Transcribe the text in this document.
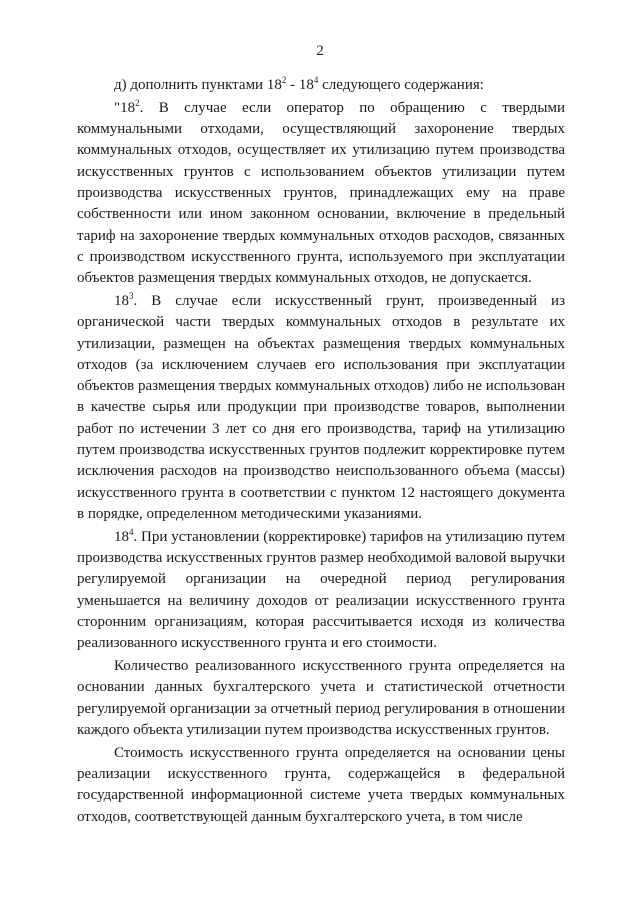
2

д) дополнить пунктами $18^2 - 18^4$ следующего содержания:

"$18^2$. В случае если оператор по обращению с твердыми коммунальными отходами, осуществляющий захоронение твердых коммунальных отходов, осуществляет их утилизацию путем производства искусственных грунтов с использованием объектов утилизации путем производства искусственных грунтов, принадлежащих ему на праве собственности или ином законном основании, включение в предельный тариф на захоронение твердых коммунальных отходов расходов, связанных с производством искусственного грунта, используемого при эксплуатации объектов размещения твердых коммунальных отходов, не допускается.

$18^3$. В случае если искусственный грунт, произведенный из органической части твердых коммунальных отходов в результате их утилизации, размещен на объектах размещения твердых коммунальных отходов (за исключением случаев его использования при эксплуатации объектов размещения твердых коммунальных отходов) либо не использован в качестве сырья или продукции при производстве товаров, выполнении работ по истечении 3 лет со дня его производства, тариф на утилизацию путем производства искусственных грунтов подлежит корректировке путем исключения расходов на производство неиспользованного объема (массы) искусственного грунта в соответствии с пунктом 12 настоящего документа в порядке, определенном методическими указаниями.

$18^4$. При установлении (корректировке) тарифов на утилизацию путем производства искусственных грунтов размер необходимой валовой выручки регулируемой организации на очередной период регулирования уменьшается на величину доходов от реализации искусственного грунта сторонним организациям, которая рассчитывается исходя из количества реализованного искусственного грунта и его стоимости.

Количество реализованного искусственного грунта определяется на основании данных бухгалтерского учета и статистической отчетности регулируемой организации за отчетный период регулирования в отношении каждого объекта утилизации путем производства искусственных грунтов.

Стоимость искусственного грунта определяется на основании цены реализации искусственного грунта, содержащейся в федеральной государственной информационной системе учета твердых коммунальных отходов, соответствующей данным бухгалтерского учета, в том числе
